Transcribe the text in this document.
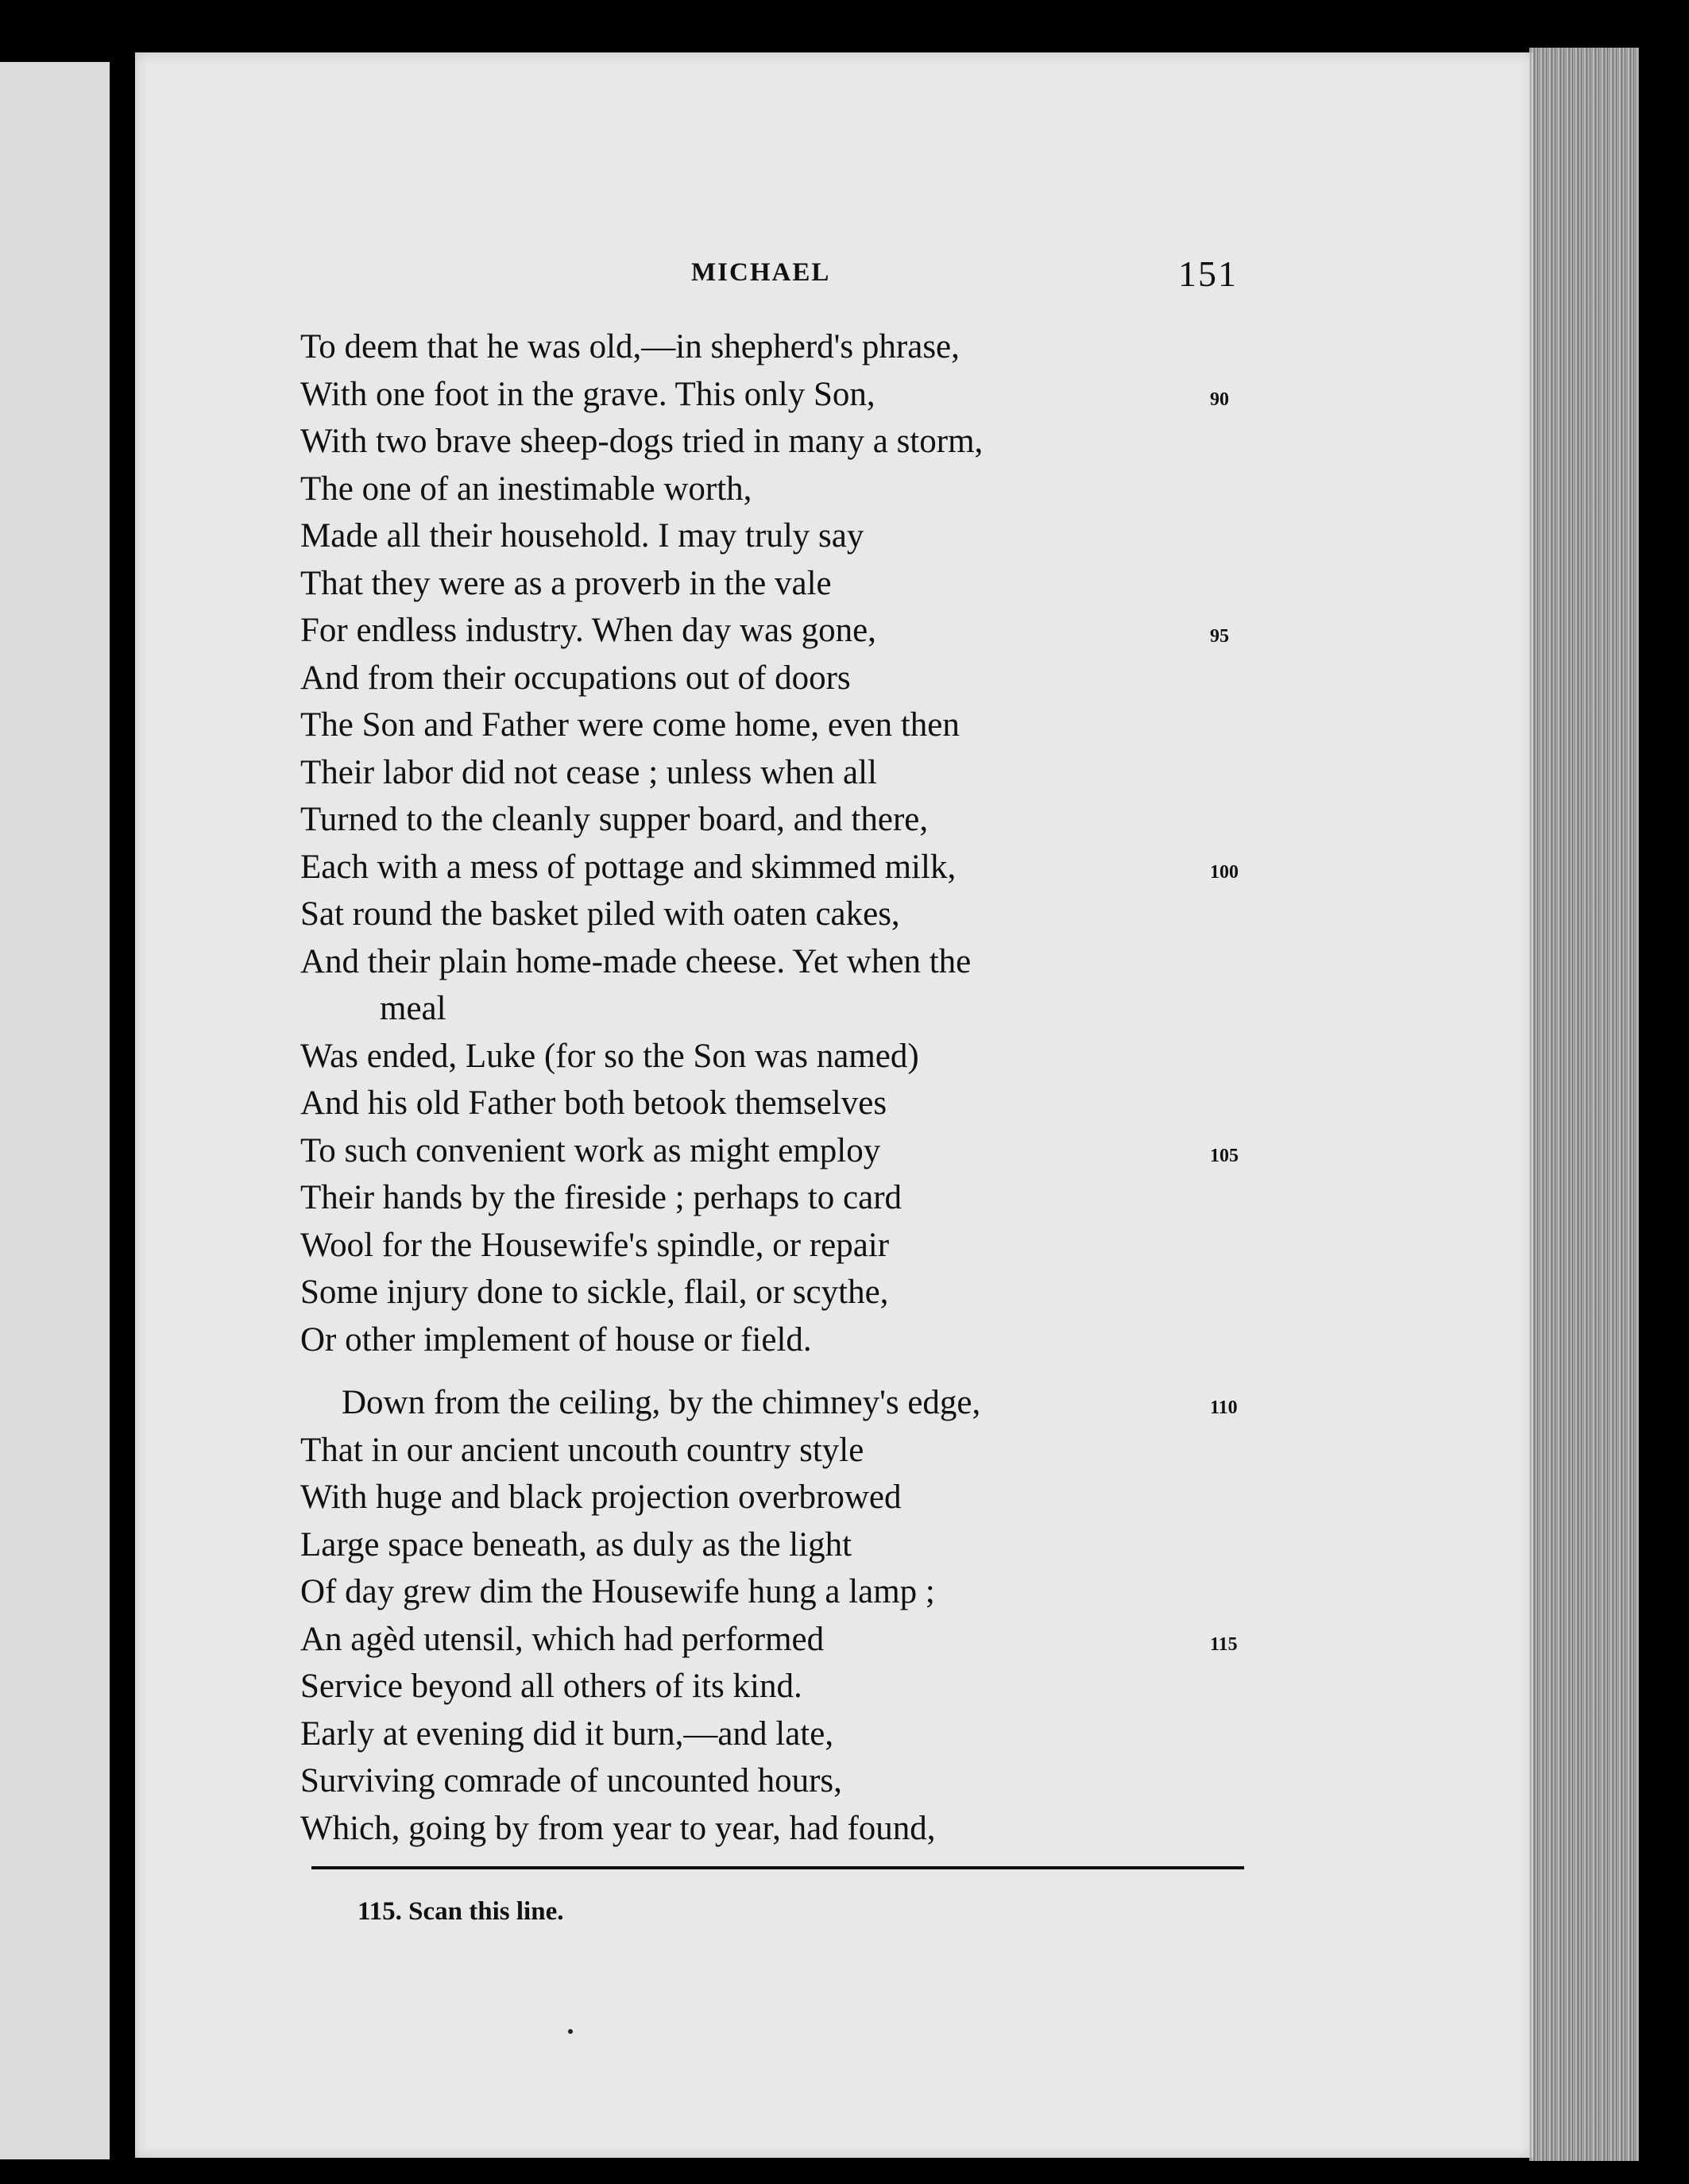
MICHAEL	151
To deem that he was old,—in shepherd's phrase,
With one foot in the grave. This only Son,	90
With two brave sheep-dogs tried in many a storm,
The one of an inestimable worth,
Made all their household. I may truly say
That they were as a proverb in the vale
For endless industry. When day was gone,	95
And from their occupations out of doors
The Son and Father were come home, even then
Their labor did not cease ; unless when all
Turned to the cleanly supper board, and there,
Each with a mess of pottage and skimmed milk,	100
Sat round the basket piled with oaten cakes,
And their plain home-made cheese. Yet when the
meal
Was ended, Luke (for so the Son was named)
And his old Father both betook themselves
To such convenient work as might employ	105
Their hands by the fireside ; perhaps to card
Wool for the Housewife's spindle, or repair
Some injury done to sickle, flail, or scythe,
Or other implement of house or field.
Down from the ceiling, by the chimney's edge,	110
That in our ancient uncouth country style
With huge and black projection overbrowed
Large space beneath, as duly as the light
Of day grew dim the Housewife hung a lamp ;
An agèd utensil, which had performed	115
Service beyond all others of its kind.
Early at evening did it burn,—and late,
Surviving comrade of uncounted hours,
Which, going by from year to year, had found,
115. Scan this line.
